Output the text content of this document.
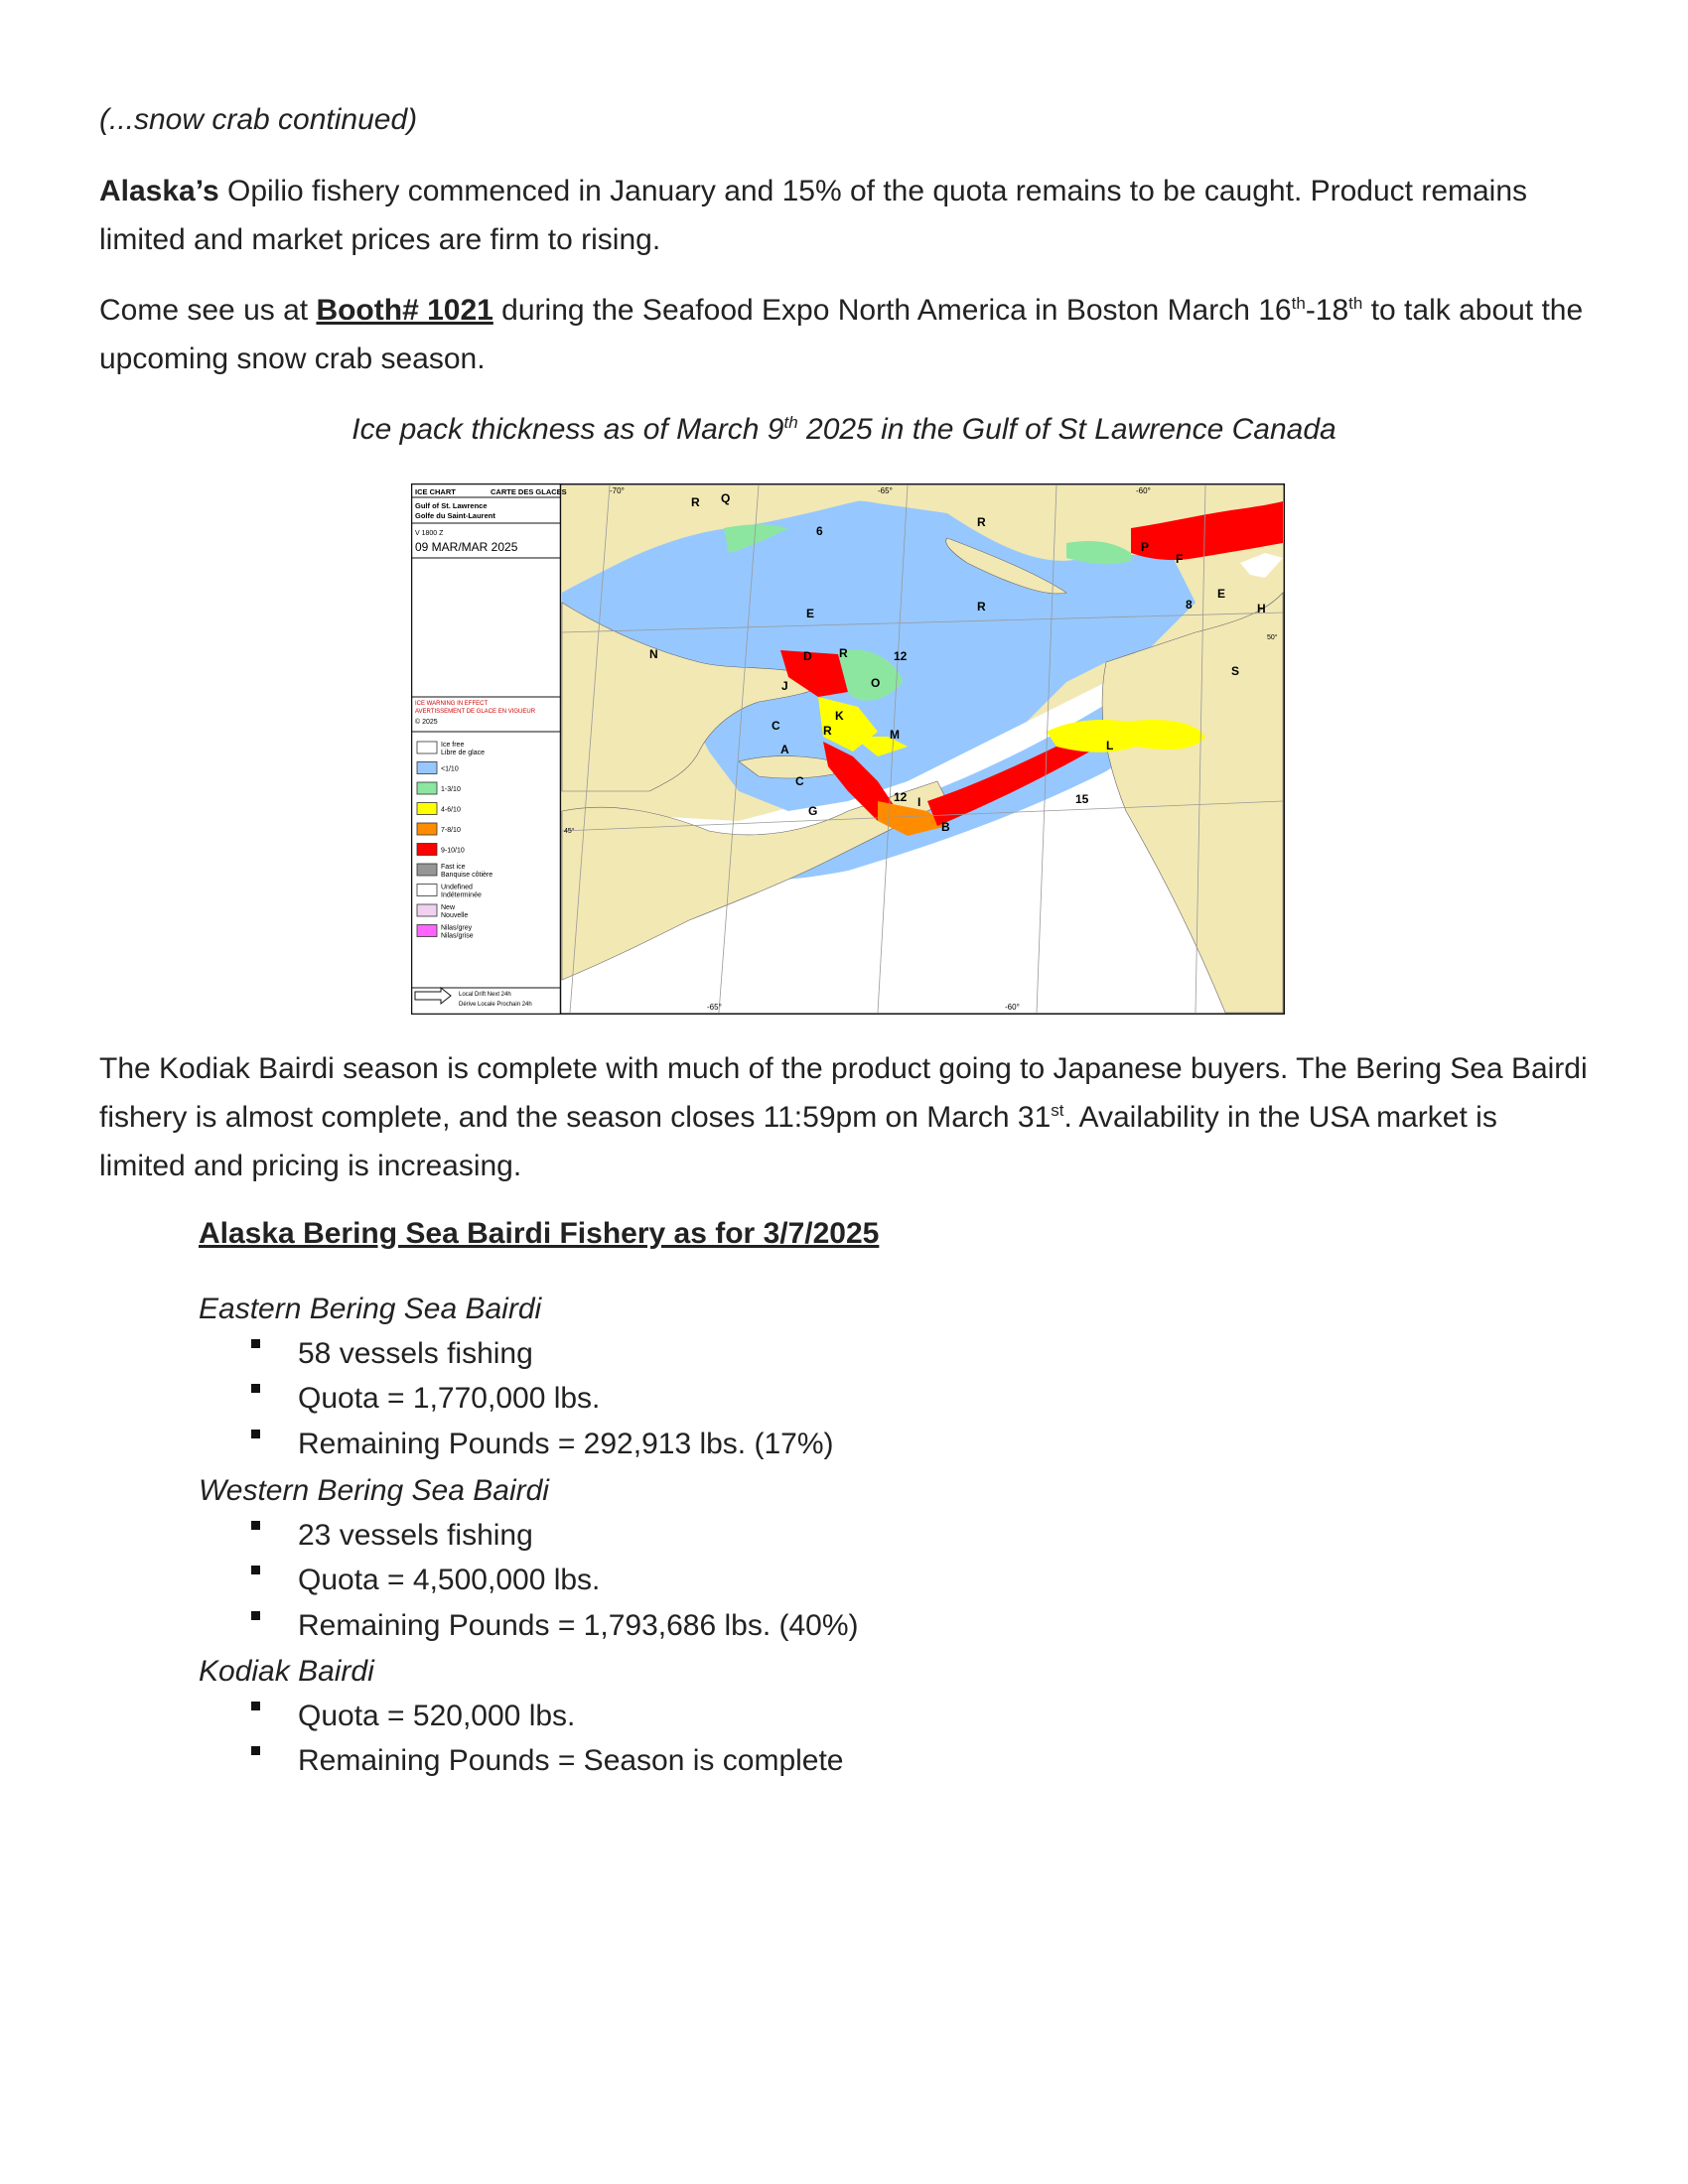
(...snow crab continued)

Alaska’s Opilio fishery commenced in January and 15% of the quota remains to be caught. Product remains limited and market prices are firm to rising.

Come see us at Booth# 1021 during the Seafood Expo North America in Boston March 16th-18th to talk about the upcoming snow crab season.

Ice pack thickness as of March 9th 2025 in the Gulf of St Lawrence Canada

ICE CHART	CARTE DES GLACES
Gulf of St. Lawrence
Golfe du Saint-Laurent
V 1800 Z
09 MAR/MAR 2025
ICE WARNING IN EFFECT
AVERTISSEMENT DE GLACE EN VIGUEUR
© 2025
Ice free
Libre de glace
<1/10
1-3/10
4-6/10
7-8/10
9-10/10
Fast ice
Banquise côtière
Undefined
Indéterminée
New
Nouvelle
Nilas/grey
Nilas/grise
Local Drift Next 24h
Dérive Locale Prochain 24h
-70°	-65°	-60°
-65°	-60°
50°
45°
R Q
R
P
R
E
D R
O
J
K
C	R	M
A
C
G
I
B
L
S
H
N
F
E
6
12
12	15
8

The Kodiak Bairdi season is complete with much of the product going to Japanese buyers. The Bering Sea Bairdi fishery is almost complete, and the season closes 11:59pm on March 31st. Availability in the USA market is limited and pricing is increasing.

Alaska Bering Sea Bairdi Fishery as for 3/7/2025

Eastern Bering Sea Bairdi

58 vessels fishing

Quota = 1,770,000 lbs.

Remaining Pounds = 292,913 lbs. (17%)

Western Bering Sea Bairdi

23 vessels fishing

Quota = 4,500,000 lbs.

Remaining Pounds = 1,793,686 lbs. (40%)

Kodiak Bairdi

Quota = 520,000 lbs.

Remaining Pounds = Season is complete
